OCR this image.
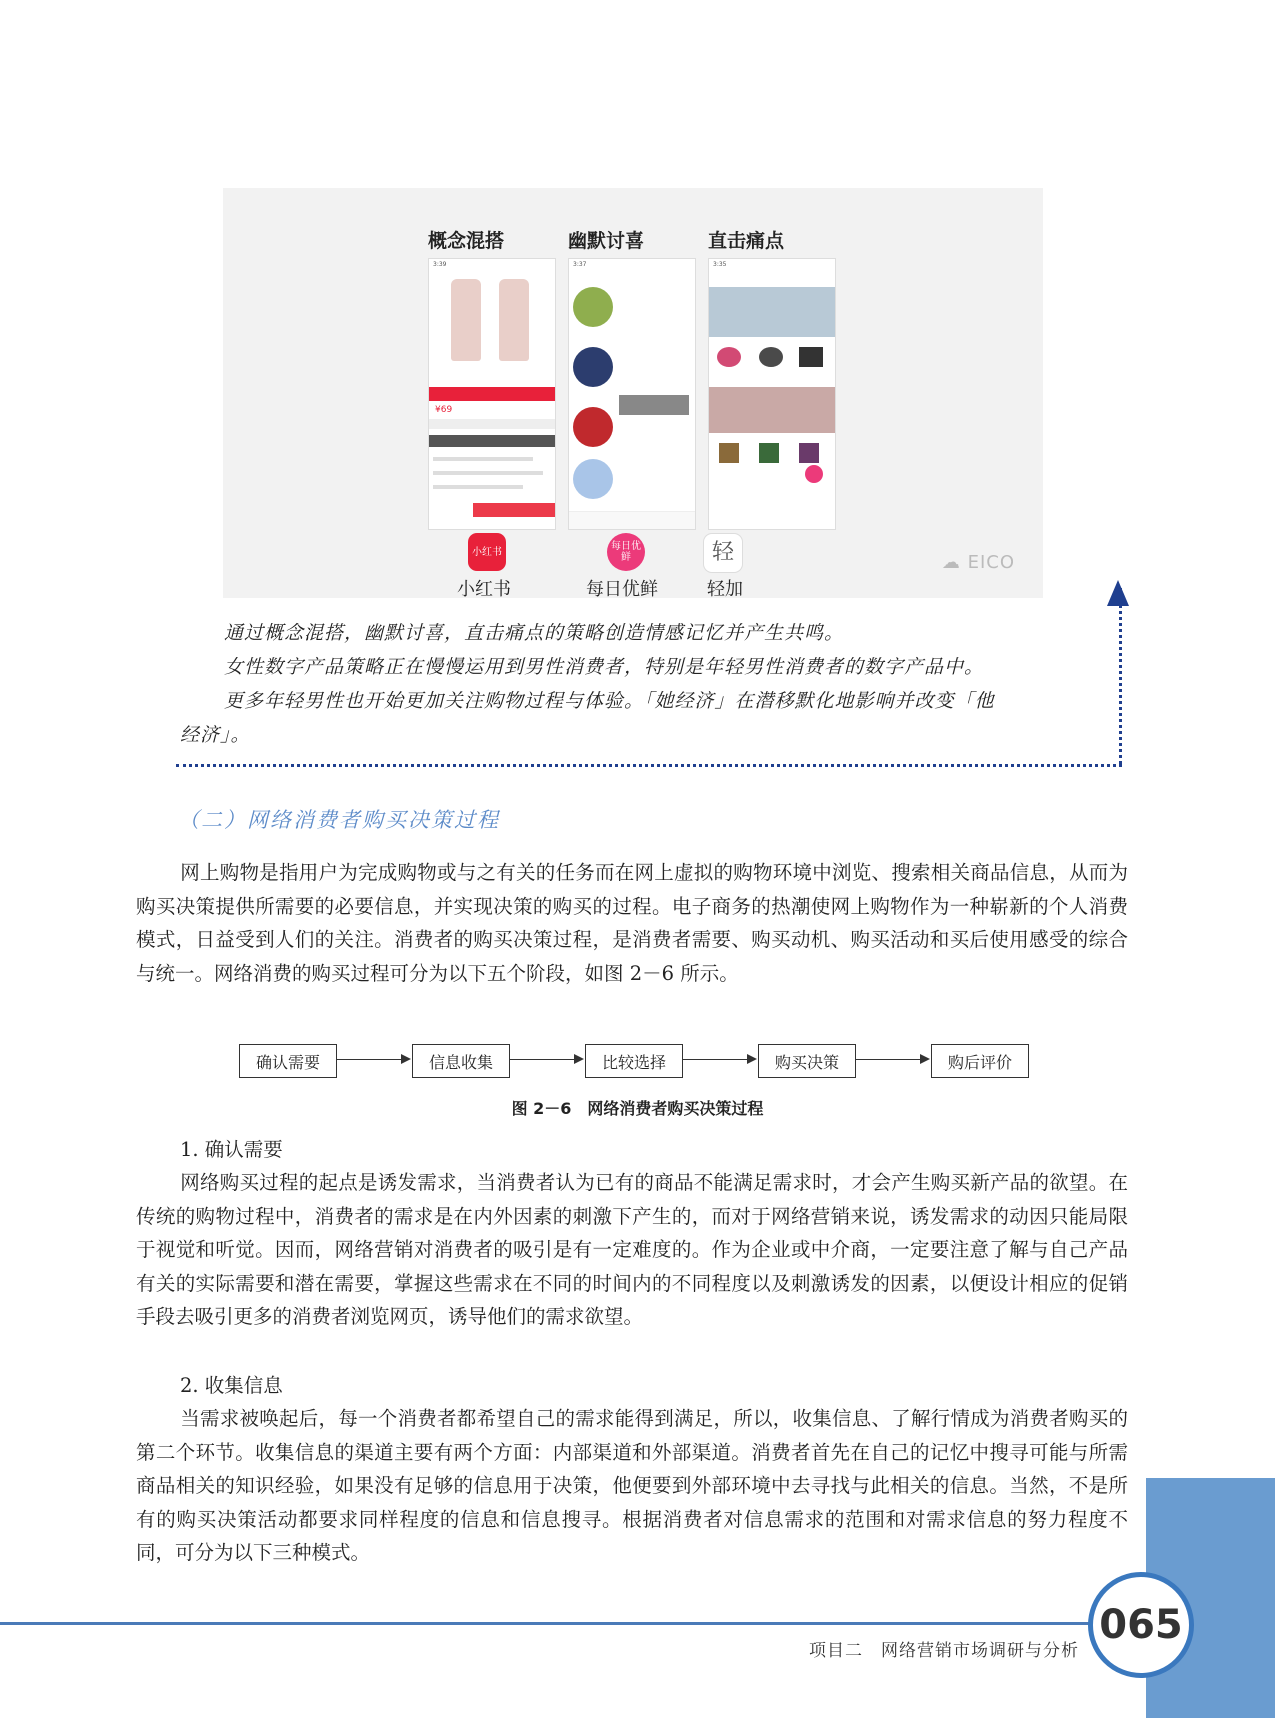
概念混搭
3:39
¥69
小红书
小红书
幽默讨喜
3:37
每日优鲜
每日优鲜
直击痛点
3:35
轻
轻加
☁ EICO
通过概念混搭，幽默讨喜，直击痛点的策略创造情感记忆并产生共鸣。
女性数字产品策略正在慢慢运用到男性消费者，特别是年轻男性消费者的数字产品中。
更多年轻男性也开始更加关注购物过程与体验。「她经济」在潜移默化地影响并改变「他
经济」。
（二）网络消费者购买决策过程
网上购物是指用户为完成购物或与之有关的任务而在网上虚拟的购物环境中浏览、搜索相关商品信息，从而为购买决策提供所需要的必要信息，并实现决策的购买的过程。电子商务的热潮使网上购物作为一种崭新的个人消费模式，日益受到人们的关注。消费者的购买决策过程，是消费者需要、购买动机、购买活动和买后使用感受的综合与统一。网络消费的购买过程可分为以下五个阶段，如图 2－6 所示。
确认需要	信息收集	比较选择	购买决策	购后评价
图 2－6　网络消费者购买决策过程
1. 确认需要
网络购买过程的起点是诱发需求，当消费者认为已有的商品不能满足需求时，才会产生购买新产品的欲望。在传统的购物过程中，消费者的需求是在内外因素的刺激下产生的，而对于网络营销来说，诱发需求的动因只能局限于视觉和听觉。因而，网络营销对消费者的吸引是有一定难度的。作为企业或中介商，一定要注意了解与自己产品有关的实际需要和潜在需要，掌握这些需求在不同的时间内的不同程度以及刺激诱发的因素，以便设计相应的促销手段去吸引更多的消费者浏览网页，诱导他们的需求欲望。
2. 收集信息
当需求被唤起后，每一个消费者都希望自己的需求能得到满足，所以，收集信息、了解行情成为消费者购买的第二个环节。收集信息的渠道主要有两个方面：内部渠道和外部渠道。消费者首先在自己的记忆中搜寻可能与所需商品相关的知识经验，如果没有足够的信息用于决策，他便要到外部环境中去寻找与此相关的信息。当然，不是所有的购买决策活动都要求同样程度的信息和信息搜寻。根据消费者对信息需求的范围和对需求信息的努力程度不同，可分为以下三种模式。
065
项目二　网络营销市场调研与分析
